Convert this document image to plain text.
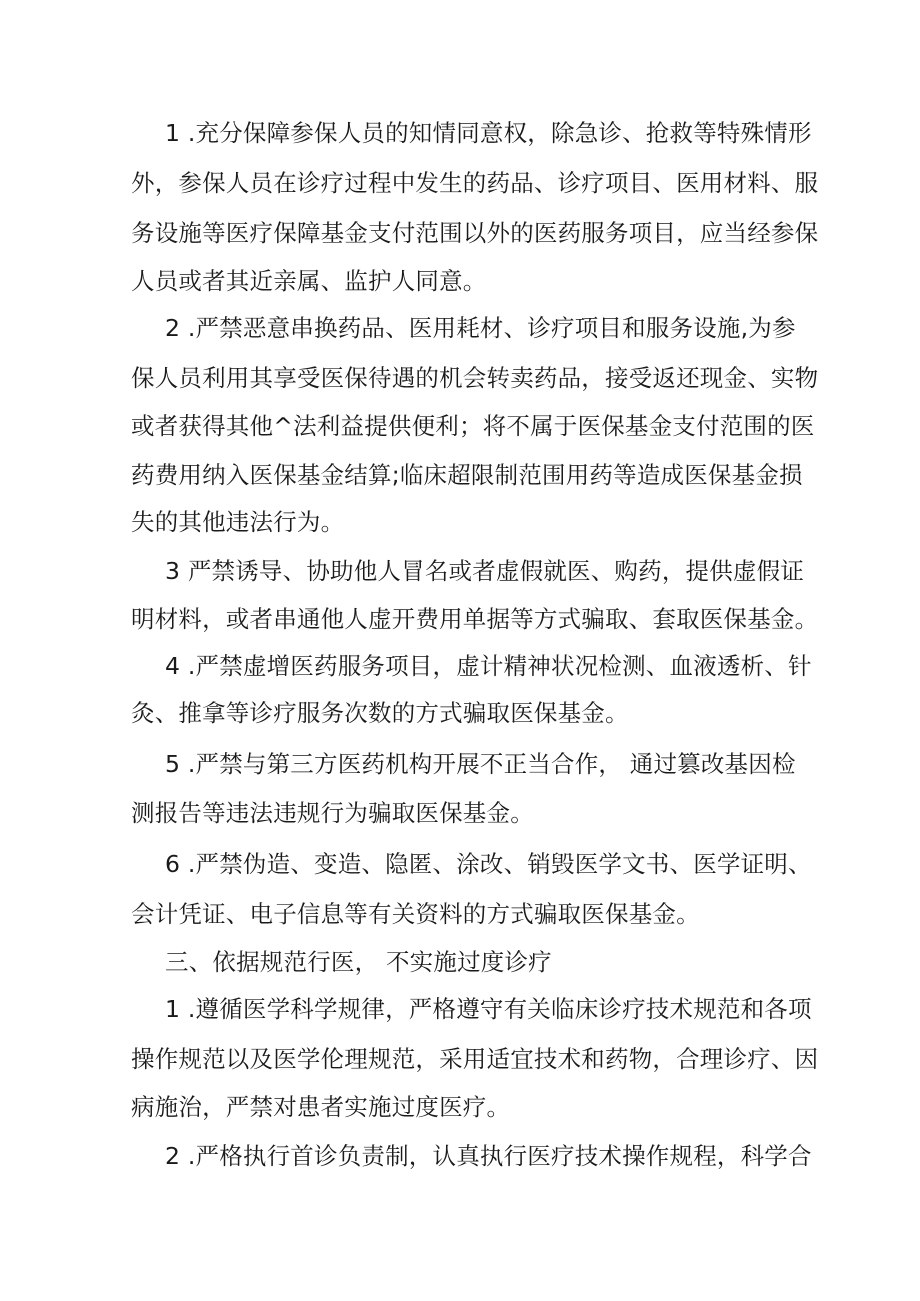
1 .充分保障参保人员的知情同意权，除急诊、抢救等特殊情形
外，参保人员在诊疗过程中发生的药品、诊疗项目、医用材料、服
务设施等医疗保障基金支付范围以外的医药服务项目，应当经参保
人员或者其近亲属、监护人同意。
2 .严禁恶意串换药品、医用耗材、诊疗项目和服务设施,为参
保人员利用其享受医保待遇的机会转卖药品，接受返还现金、实物
或者获得其他^法利益提供便利；将不属于医保基金支付范围的医
药费用纳入医保基金结算;临床超限制范围用药等造成医保基金损
失的其他违法行为。
3 严禁诱导、协助他人冒名或者虚假就医、购药，提供虚假证
明材料，或者串通他人虚开费用单据等方式骗取、套取医保基金。
4 .严禁虚增医药服务项目，虚计精神状况检测、血液透析、针
灸、推拿等诊疗服务次数的方式骗取医保基金。
5 .严禁与第三方医药机构开展不正当合作， 通过篡改基因检
测报告等违法违规行为骗取医保基金。
6 .严禁伪造、变造、隐匿、涂改、销毁医学文书、医学证明、
会计凭证、电子信息等有关资料的方式骗取医保基金。
三、依据规范行医， 不实施过度诊疗
1 .遵循医学科学规律，严格遵守有关临床诊疗技术规范和各项
操作规范以及医学伦理规范，采用适宜技术和药物，合理诊疗、因
病施治，严禁对患者实施过度医疗。
2 .严格执行首诊负责制，认真执行医疗技术操作规程，科学合
